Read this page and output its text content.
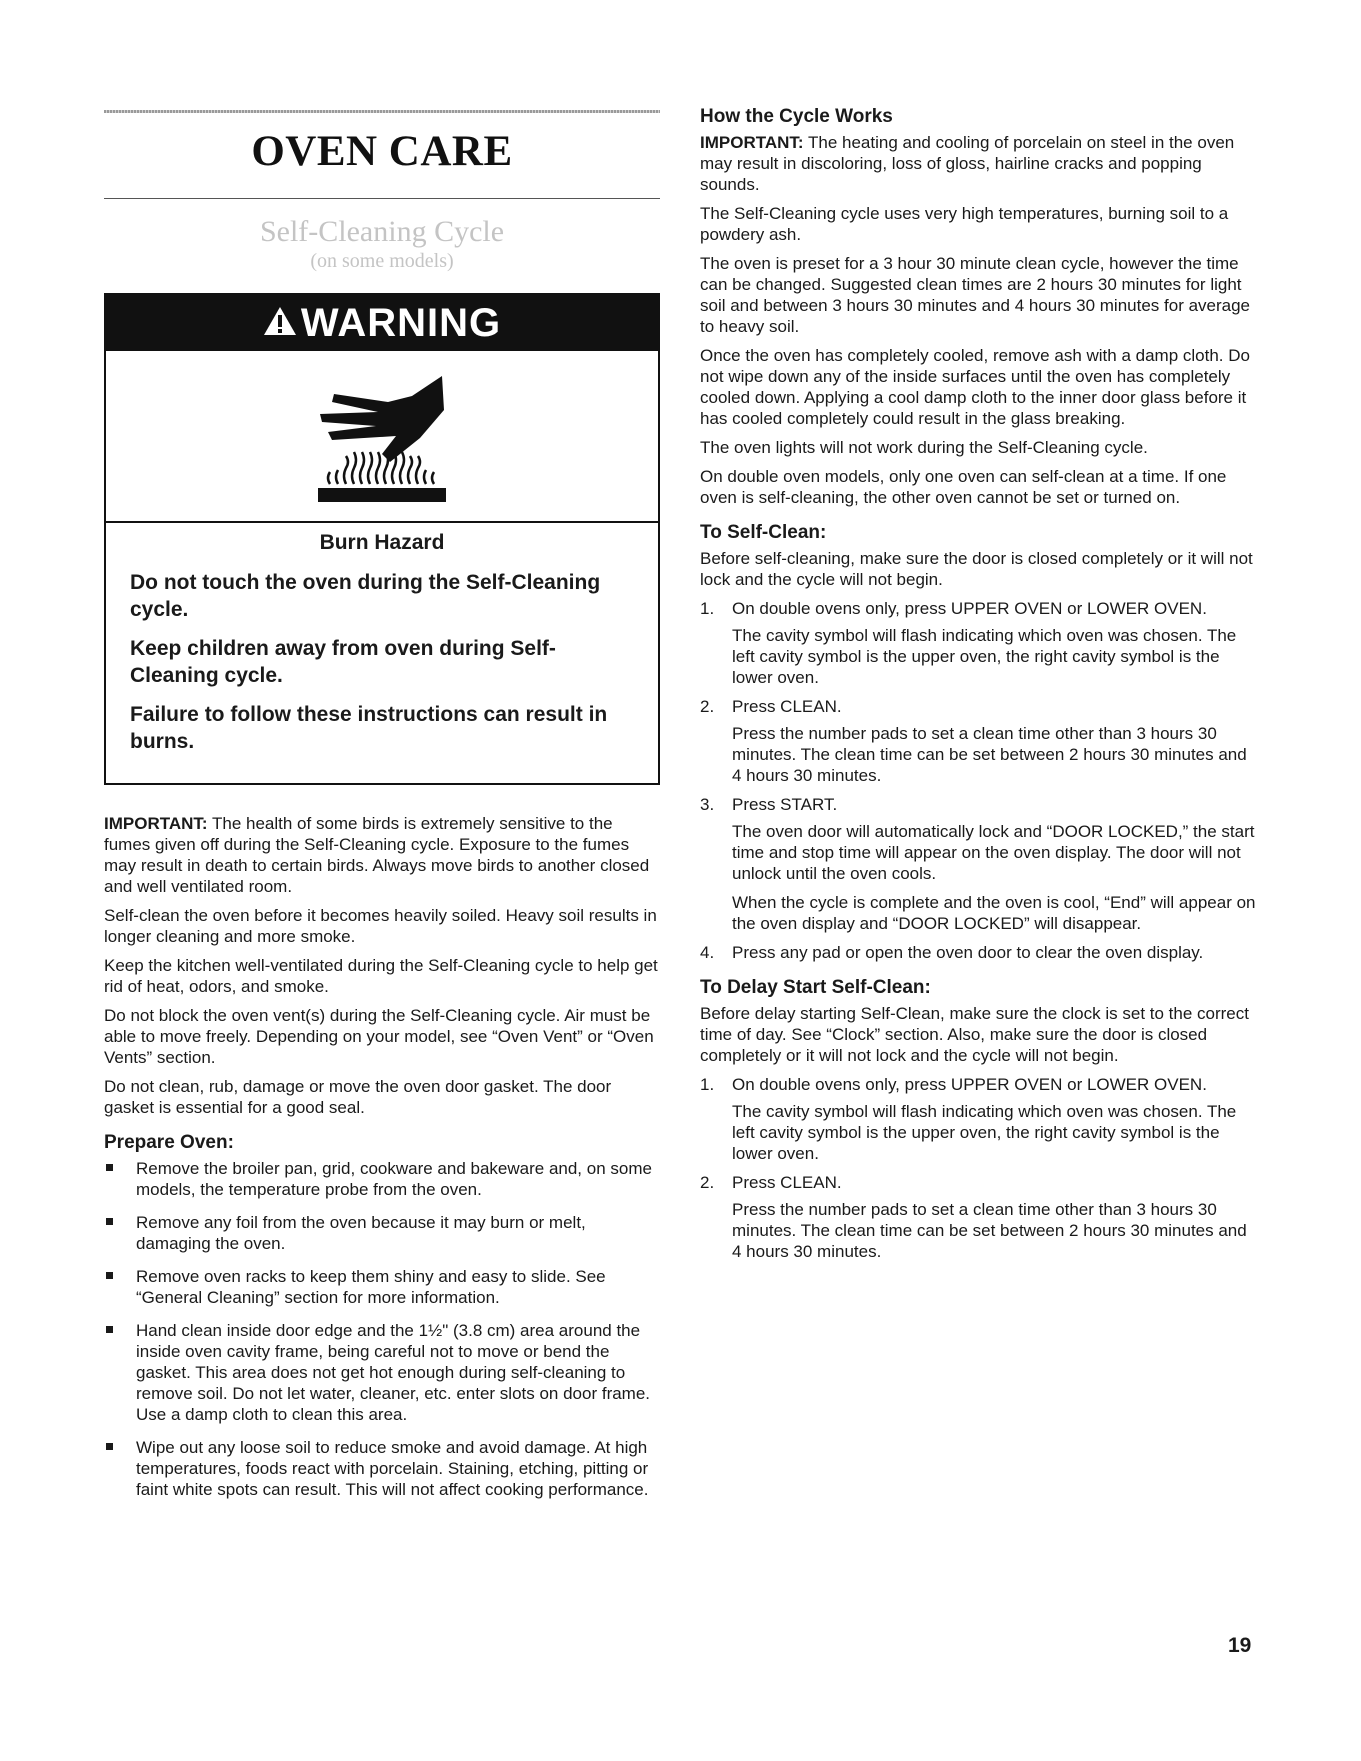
OVEN CARE

Self-Cleaning Cycle

(on some models)

WARNING

Burn Hazard

Do not touch the oven during the Self-Cleaning cycle.

Keep children away from oven during Self-Cleaning cycle.

Failure to follow these instructions can result in burns.

IMPORTANT: The health of some birds is extremely sensitive to the fumes given off during the Self-Cleaning cycle. Exposure to the fumes may result in death to certain birds. Always move birds to another closed and well ventilated room.

Self-clean the oven before it becomes heavily soiled. Heavy soil results in longer cleaning and more smoke.

Keep the kitchen well-ventilated during the Self-Cleaning cycle to help get rid of heat, odors, and smoke.

Do not block the oven vent(s) during the Self-Cleaning cycle. Air must be able to move freely. Depending on your model, see “Oven Vent” or “Oven Vents” section.

Do not clean, rub, damage or move the oven door gasket. The door gasket is essential for a good seal.

Prepare Oven:
Remove the broiler pan, grid, cookware and bakeware and, on some models, the temperature probe from the oven.
Remove any foil from the oven because it may burn or melt, damaging the oven.
Remove oven racks to keep them shiny and easy to slide. See “General Cleaning” section for more information.
Hand clean inside door edge and the 1½" (3.8 cm) area around the inside oven cavity frame, being careful not to move or bend the gasket. This area does not get hot enough during self-cleaning to remove soil. Do not let water, cleaner, etc. enter slots on door frame. Use a damp cloth to clean this area.
Wipe out any loose soil to reduce smoke and avoid damage. At high temperatures, foods react with porcelain. Staining, etching, pitting or faint white spots can result. This will not affect cooking performance.
How the Cycle Works

IMPORTANT: The heating and cooling of porcelain on steel in the oven may result in discoloring, loss of gloss, hairline cracks and popping sounds.

The Self-Cleaning cycle uses very high temperatures, burning soil to a powdery ash.

The oven is preset for a 3 hour 30 minute clean cycle, however the time can be changed. Suggested clean times are 2 hours 30 minutes for light soil and between 3 hours 30 minutes and 4 hours 30 minutes for average to heavy soil.

Once the oven has completely cooled, remove ash with a damp cloth. Do not wipe down any of the inside surfaces until the oven has completely cooled down. Applying a cool damp cloth to the inner door glass before it has cooled completely could result in the glass breaking.

The oven lights will not work during the Self-Cleaning cycle.

On double oven models, only one oven can self-clean at a time. If one oven is self-cleaning, the other oven cannot be set or turned on.

To Self-Clean:

Before self-cleaning, make sure the door is closed completely or it will not lock and the cycle will not begin.

1. On double ovens only, press UPPER OVEN or LOWER OVEN.

The cavity symbol will flash indicating which oven was chosen. The left cavity symbol is the upper oven, the right cavity symbol is the lower oven.

2. Press CLEAN.

Press the number pads to set a clean time other than 3 hours 30 minutes. The clean time can be set between 2 hours 30 minutes and 4 hours 30 minutes.

3. Press START.

The oven door will automatically lock and “DOOR LOCKED,” the start time and stop time will appear on the oven display. The door will not unlock until the oven cools.

When the cycle is complete and the oven is cool, “End” will appear on the oven display and “DOOR LOCKED” will disappear.

4. Press any pad or open the oven door to clear the oven display.

To Delay Start Self-Clean:

Before delay starting Self-Clean, make sure the clock is set to the correct time of day. See “Clock” section. Also, make sure the door is closed completely or it will not lock and the cycle will not begin.

1. On double ovens only, press UPPER OVEN or LOWER OVEN.

The cavity symbol will flash indicating which oven was chosen. The left cavity symbol is the upper oven, the right cavity symbol is the lower oven.

2. Press CLEAN.

Press the number pads to set a clean time other than 3 hours 30 minutes. The clean time can be set between 2 hours 30 minutes and 4 hours 30 minutes.

19
